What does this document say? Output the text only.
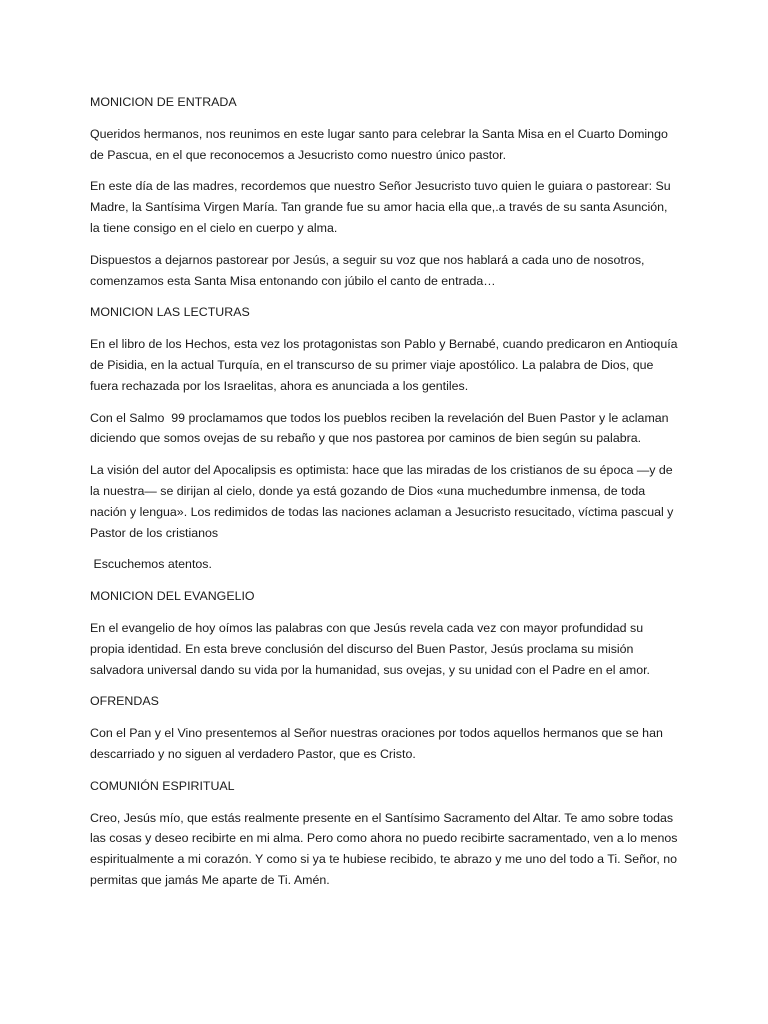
MONICION DE ENTRADA

Queridos hermanos, nos reunimos en este lugar santo para celebrar la Santa Misa en el Cuarto Domingo de Pascua, en el que reconocemos a Jesucristo como nuestro único pastor.

En este día de las madres, recordemos que nuestro Señor Jesucristo tuvo quien le guiara o pastorear: Su Madre, la Santísima Virgen María. Tan grande fue su amor hacia ella que,.a través de su santa Asunción, la tiene consigo en el cielo en cuerpo y alma.

Dispuestos a dejarnos pastorear por Jesús, a seguir su voz que nos hablará a cada uno de nosotros, comenzamos esta Santa Misa entonando con júbilo el canto de entrada…

MONICION LAS LECTURAS

En el libro de los Hechos, esta vez los protagonistas son Pablo y Bernabé, cuando predicaron en Antioquía de Pisidia, en la actual Turquía, en el transcurso de su primer viaje apostólico. La palabra de Dios, que fuera rechazada por los Israelitas, ahora es anunciada a los gentiles.

Con el Salmo  99 proclamamos que todos los pueblos reciben la revelación del Buen Pastor y le aclaman diciendo que somos ovejas de su rebaño y que nos pastorea por caminos de bien según su palabra.

La visión del autor del Apocalipsis es optimista: hace que las miradas de los cristianos de su época —y de la nuestra— se dirijan al cielo, donde ya está gozando de Dios «una muchedumbre inmensa, de toda nación y lengua». Los redimidos de todas las naciones aclaman a Jesucristo resucitado, víctima pascual y Pastor de los cristianos

Escuchemos atentos.

MONICION DEL EVANGELIO

En el evangelio de hoy oímos las palabras con que Jesús revela cada vez con mayor profundidad su propia identidad. En esta breve conclusión del discurso del Buen Pastor, Jesús proclama su misión salvadora universal dando su vida por la humanidad, sus ovejas, y su unidad con el Padre en el amor.

OFRENDAS

Con el Pan y el Vino presentemos al Señor nuestras oraciones por todos aquellos hermanos que se han descarriado y no siguen al verdadero Pastor, que es Cristo.

COMUNIÓN ESPIRITUAL

Creo, Jesús mío, que estás realmente presente en el Santísimo Sacramento del Altar. Te amo sobre todas las cosas y deseo recibirte en mi alma. Pero como ahora no puedo recibirte sacramentado, ven a lo menos espiritualmente a mi corazón. Y como si ya te hubiese recibido, te abrazo y me uno del todo a Ti. Señor, no permitas que jamás Me aparte de Ti. Amén.
